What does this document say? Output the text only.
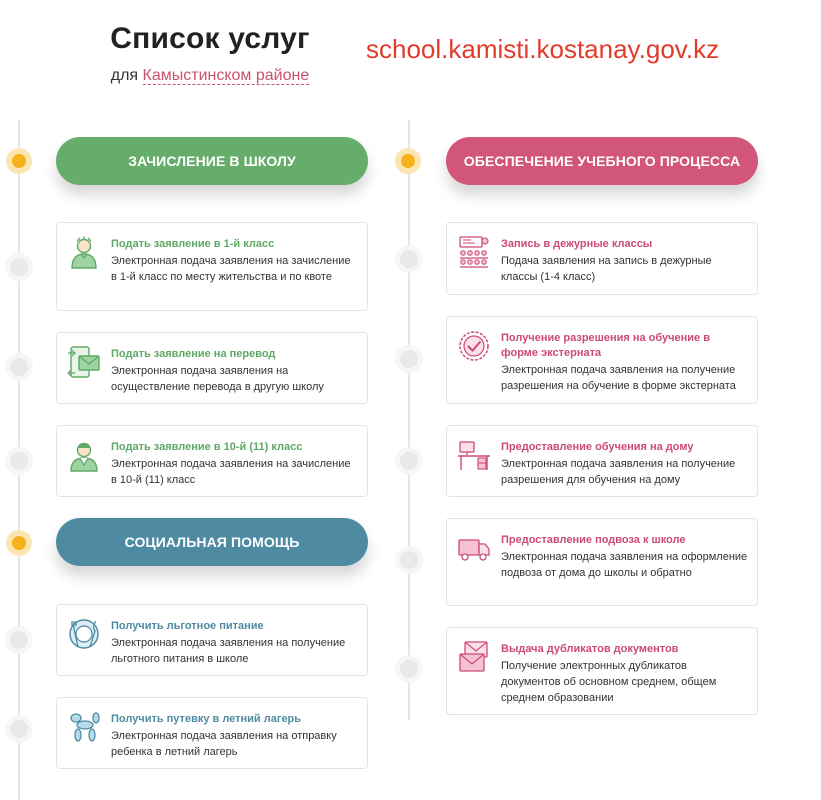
Список услуг
для Камыстинском районе
school.kamisti.kostanay.gov.kz
ЗАЧИСЛЕНИЕ В ШКОЛУ	ОБЕСПЕЧЕНИЕ УЧЕБНОГО ПРОЦЕССА
СОЦИАЛЬНАЯ ПОМОЩЬ
Подать заявление в 1-й класс
Электронная подача заявления на зачисление в 1-й класс по месту жительства и по квоте
Подать заявление на перевод
Электронная подача заявления на осуществление перевода в другую школу
Подать заявление в 10-й (11) класс
Электронная подача заявления на зачисление в 10-й (11) класс
Получить льготное питание
Электронная подача заявления на получение льготного питания в школе
Получить путевку в летний лагерь
Электронная подача заявления на отправку ребенка в летний лагерь
Запись в дежурные классы
Подача заявления на запись в дежурные классы (1-4 класс)
Получение разрешения на обучение в форме экстерната
Электронная подача заявления на получение разрешения на обучение в форме экстерната
Предоставление обучения на дому
Электронная подача заявления на получение разрешения для обучения на дому
Предоставление подвоза к школе
Электронная подача заявления на оформление подвоза от дома до школы и обратно
Выдача дубликатов документов
Получение электронных дубликатов документов об основном среднем, общем среднем образовании
